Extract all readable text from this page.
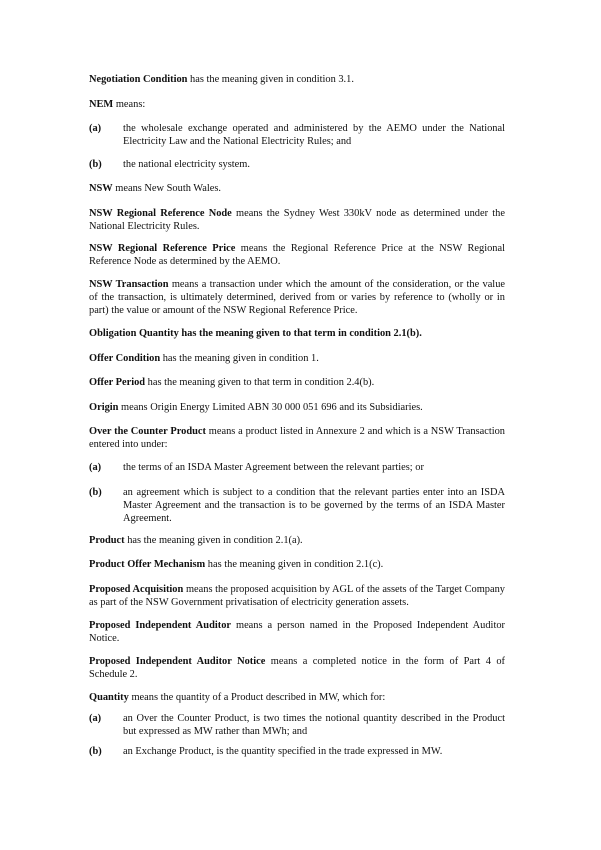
Negotiation Condition has the meaning given in condition 3.1.
NEM means:
(a) the wholesale exchange operated and administered by the AEMO under the National Electricity Law and the National Electricity Rules; and
(b) the national electricity system.
NSW means New South Wales.
NSW Regional Reference Node means the Sydney West 330kV node as determined under the National Electricity Rules.
NSW Regional Reference Price means the Regional Reference Price at the NSW Regional Reference Node as determined by the AEMO.
NSW Transaction means a transaction under which the amount of the consideration, or the value of the transaction, is ultimately determined, derived from or varies by reference to (wholly or in part) the value or amount of the NSW Regional Reference Price.
Obligation Quantity has the meaning given to that term in condition 2.1(b).
Offer Condition has the meaning given in condition 1.
Offer Period has the meaning given to that term in condition 2.4(b).
Origin means Origin Energy Limited ABN 30 000 051 696 and its Subsidiaries.
Over the Counter Product means a product listed in Annexure 2 and which is a NSW Transaction entered into under:
(a) the terms of an ISDA Master Agreement between the relevant parties; or
(b) an agreement which is subject to a condition that the relevant parties enter into an ISDA Master Agreement and the transaction is to be governed by the terms of an ISDA Master Agreement.
Product has the meaning given in condition 2.1(a).
Product Offer Mechanism has the meaning given in condition 2.1(c).
Proposed Acquisition means the proposed acquisition by AGL of the assets of the Target Company as part of the NSW Government privatisation of electricity generation assets.
Proposed Independent Auditor means a person named in the Proposed Independent Auditor Notice.
Proposed Independent Auditor Notice means a completed notice in the form of Part 4 of Schedule 2.
Quantity means the quantity of a Product described in MW, which for:
(a) an Over the Counter Product, is two times the notional quantity described in the Product but expressed as MW rather than MWh; and
(b) an Exchange Product, is the quantity specified in the trade expressed in MW.
